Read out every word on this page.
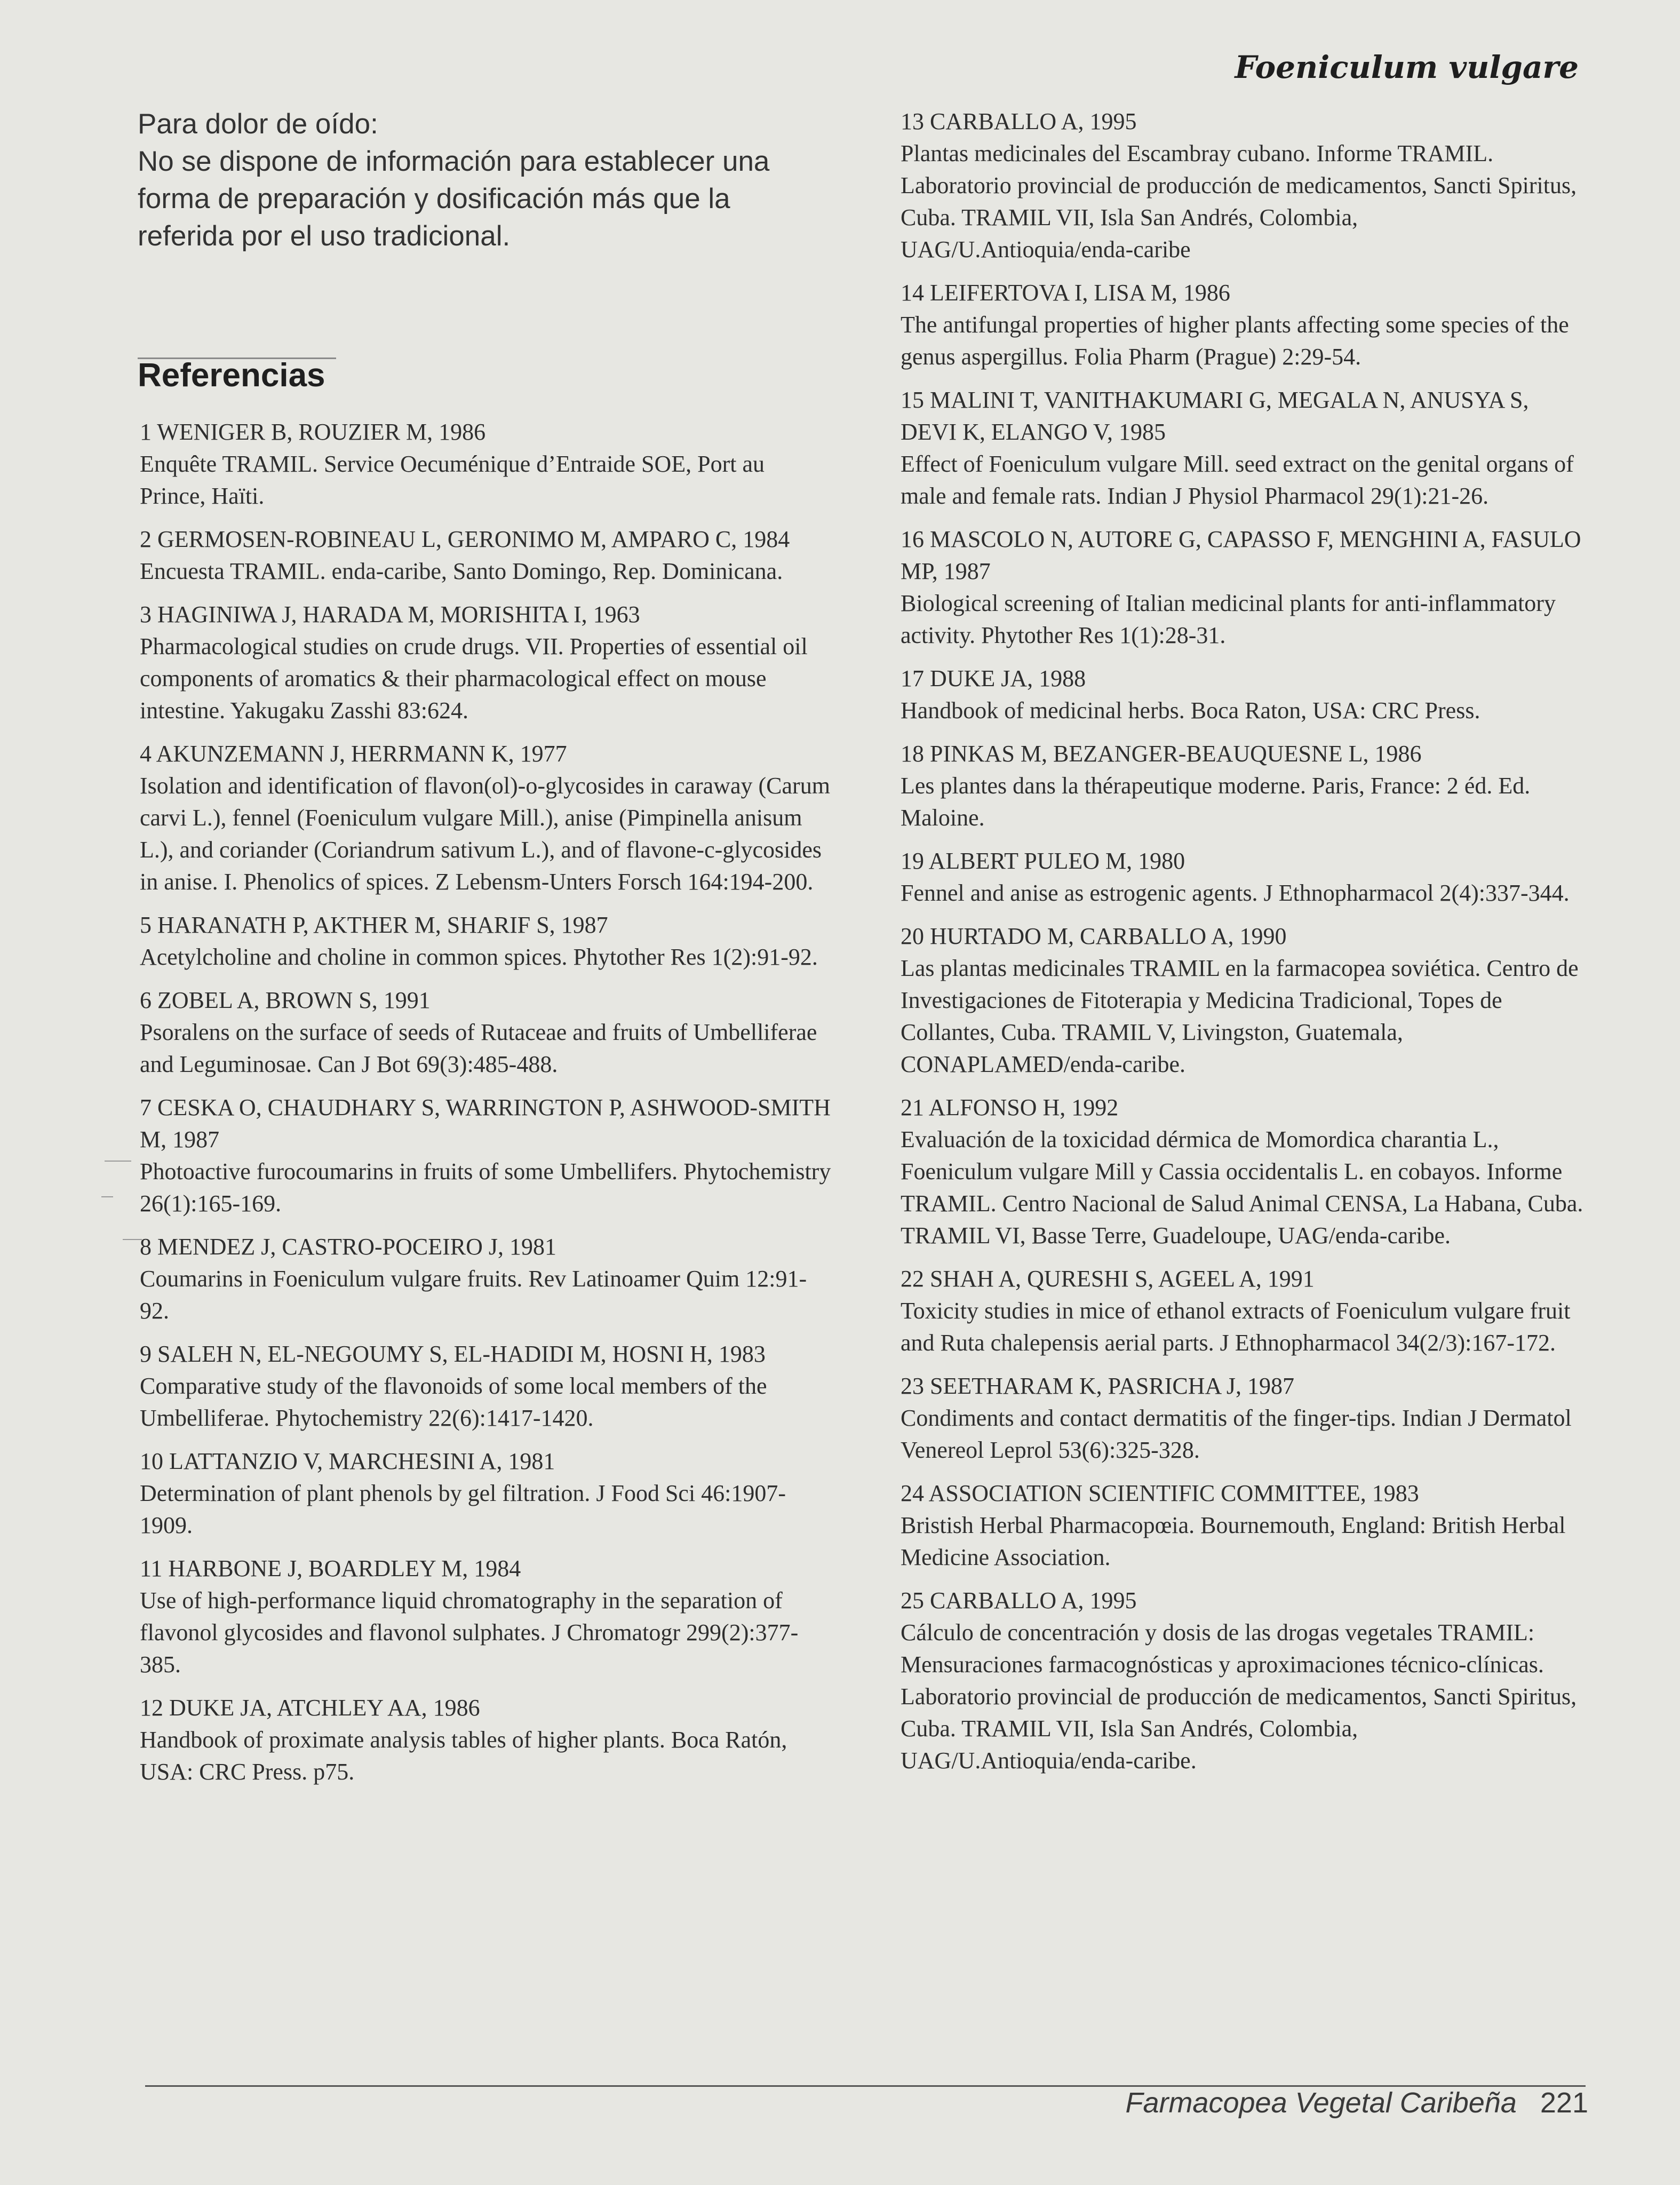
Foeniculum vulgare

Para dolor de oído:

No se dispone de información para establecer una forma de preparación y dosificación más que la referida por el uso tradicional.

Referencias
1 WENIGER B, ROUZIER M, 1986
Enquête TRAMIL. Service Oecuménique d’Entraide SOE, Port au Prince, Haïti.
2 GERMOSEN-ROBINEAU L, GERONIMO M, AMPARO C, 1984
Encuesta TRAMIL. enda-caribe, Santo Domingo, Rep. Dominicana.
3 HAGINIWA J, HARADA M, MORISHITA I, 1963
Pharmacological studies on crude drugs. VII. Properties of essential oil components of aromatics & their pharmacological effect on mouse intestine. Yakugaku Zasshi 83:624.
4 AKUNZEMANN J, HERRMANN K, 1977
Isolation and identification of flavon(ol)-o-glycosides in caraway (Carum carvi L.), fennel (Foeniculum vulgare Mill.), anise (Pimpinella anisum L.), and coriander (Coriandrum sativum L.), and of flavone-c-glycosides in anise. I. Phenolics of spices. Z Lebensm-Unters Forsch 164:194-200.
5 HARANATH P, AKTHER M, SHARIF S, 1987
Acetylcholine and choline in common spices. Phytother Res 1(2):91-92.
6 ZOBEL A, BROWN S, 1991
Psoralens on the surface of seeds of Rutaceae and fruits of Umbelliferae and Leguminosae. Can J Bot 69(3):485-488.
7 CESKA O, CHAUDHARY S, WARRINGTON P, ASHWOOD-SMITH M, 1987
Photoactive furocoumarins in fruits of some Umbellifers. Phytochemistry 26(1):165-169.
8 MENDEZ J, CASTRO-POCEIRO J, 1981
Coumarins in Foeniculum vulgare fruits. Rev Latinoamer Quim 12:91-92.
9 SALEH N, EL-NEGOUMY S, EL-HADIDI M, HOSNI H, 1983
Comparative study of the flavonoids of some local members of the Umbelliferae. Phytochemistry 22(6):1417-1420.
10 LATTANZIO V, MARCHESINI A, 1981
Determination of plant phenols by gel filtration. J Food Sci 46:1907-1909.
11 HARBONE J, BOARDLEY M, 1984
Use of high-performance liquid chromatography in the separation of flavonol glycosides and flavonol sulphates. J Chromatogr 299(2):377-385.
12 DUKE JA, ATCHLEY AA, 1986
Handbook of proximate analysis tables of higher plants. Boca Ratón, USA: CRC Press. p75.
13 CARBALLO A, 1995
Plantas medicinales del Escambray cubano. Informe TRAMIL. Laboratorio provincial de producción de medicamentos, Sancti Spiritus, Cuba. TRAMIL VII, Isla San Andrés, Colombia, UAG/U.Antioquia/enda-caribe
14 LEIFERTOVA I, LISA M, 1986
The antifungal properties of higher plants affecting some species of the genus aspergillus. Folia Pharm (Prague) 2:29-54.
15 MALINI T, VANITHAKUMARI G, MEGALA N, ANUSYA S, DEVI K, ELANGO V, 1985
Effect of Foeniculum vulgare Mill. seed extract on the genital organs of male and female rats. Indian J Physiol Pharmacol 29(1):21-26.
16 MASCOLO N, AUTORE G, CAPASSO F, MENGHINI A, FASULO MP, 1987
Biological screening of Italian medicinal plants for anti-inflammatory activity. Phytother Res 1(1):28-31.
17 DUKE JA, 1988
Handbook of medicinal herbs. Boca Raton, USA: CRC Press.
18 PINKAS M, BEZANGER-BEAUQUESNE L, 1986
Les plantes dans la thérapeutique moderne. Paris, France: 2 éd. Ed. Maloine.
19 ALBERT PULEO M, 1980
Fennel and anise as estrogenic agents. J Ethnopharmacol 2(4):337-344.
20 HURTADO M, CARBALLO A, 1990
Las plantas medicinales TRAMIL en la farmacopea soviética. Centro de Investigaciones de Fitoterapia y Medicina Tradicional, Topes de Collantes, Cuba. TRAMIL V, Livingston, Guatemala, CONAPLAMED/enda-caribe.
21 ALFONSO H, 1992
Evaluación de la toxicidad dérmica de Momordica charantia L., Foeniculum vulgare Mill y Cassia occidentalis L. en cobayos. Informe TRAMIL. Centro Nacional de Salud Animal CENSA, La Habana, Cuba. TRAMIL VI, Basse Terre, Guadeloupe, UAG/enda-caribe.
22 SHAH A, QURESHI S, AGEEL A, 1991
Toxicity studies in mice of ethanol extracts of Foeniculum vulgare fruit and Ruta chalepensis aerial parts. J Ethnopharmacol 34(2/3):167-172.
23 SEETHARAM K, PASRICHA J, 1987
Condiments and contact dermatitis of the finger-tips. Indian J Dermatol Venereol Leprol 53(6):325-328.
24 ASSOCIATION SCIENTIFIC COMMITTEE, 1983
Bristish Herbal Pharmacopœia. Bournemouth, England: British Herbal Medicine Association.
25 CARBALLO A, 1995
Cálculo de concentración y dosis de las drogas vegetales TRAMIL: Mensuraciones farmacognósticas y aproximaciones técnico-clínicas. Laboratorio provincial de producción de medicamentos, Sancti Spiritus, Cuba. TRAMIL VII, Isla San Andrés, Colombia, UAG/U.Antioquia/enda-caribe.
Farmacopea Vegetal Caribeña 221
